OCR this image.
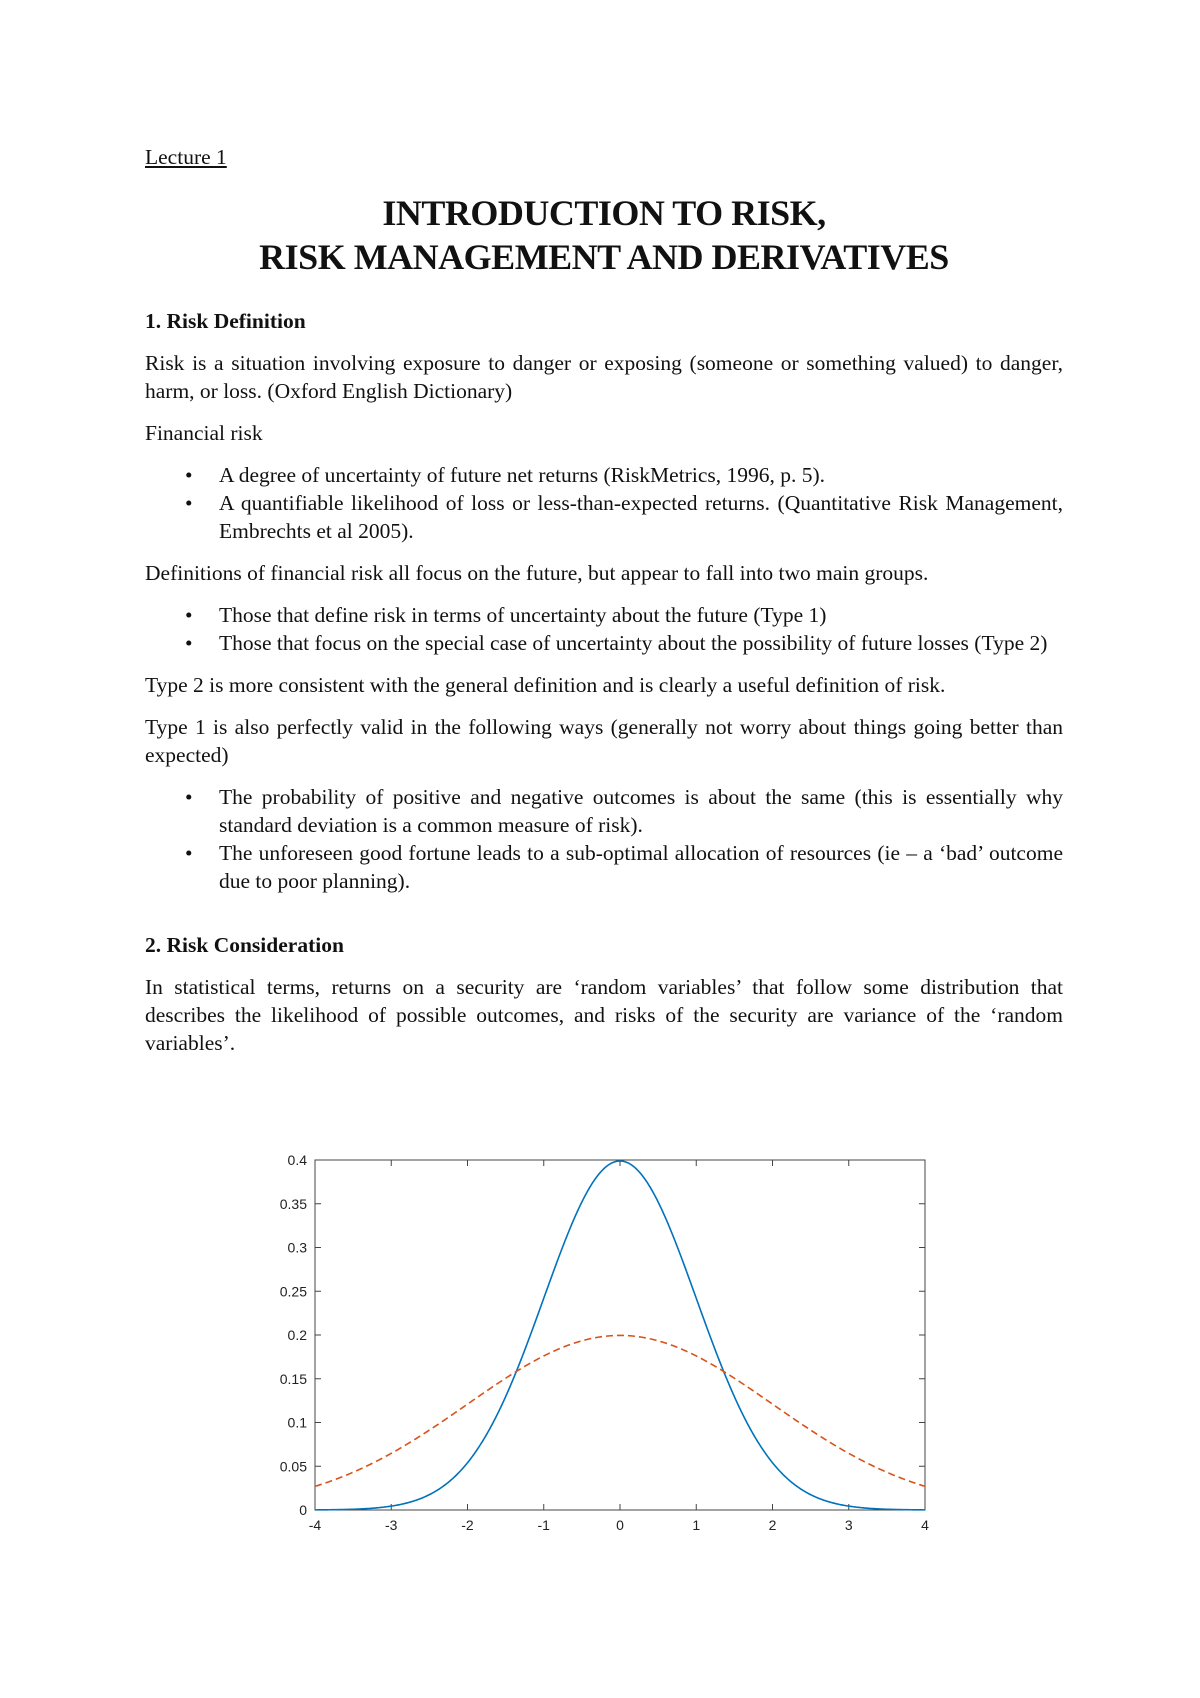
Lecture 1
INTRODUCTION TO RISK,
RISK MANAGEMENT AND DERIVATIVES
1. Risk Definition

Risk is a situation involving exposure to danger or exposing (someone or something valued) to danger, harm, or loss. (Oxford English Dictionary)

Financial risk

• A degree of uncertainty of future net returns (RiskMetrics, 1996, p. 5).
• A quantifiable likelihood of loss or less-than-expected returns. (Quantitative Risk Management, Embrechts et al 2005).

Definitions of financial risk all focus on the future, but appear to fall into two main groups.

• Those that define risk in terms of uncertainty about the future (Type 1)
• Those that focus on the special case of uncertainty about the possibility of future losses (Type 2)

Type 2 is more consistent with the general definition and is clearly a useful definition of risk.

Type 1 is also perfectly valid in the following ways (generally not worry about things going better than expected)

• The probability of positive and negative outcomes is about the same (this is essentially why standard deviation is a common measure of risk).
• The unforeseen good fortune leads to a sub-optimal allocation of resources (ie – a ‘bad’ outcome due to poor planning).
2. Risk Consideration

In statistical terms, returns on a security are ‘random variables’ that follow some distribution that describes the likelihood of possible outcomes, and risks of the security are variance of the ‘random variables’.

0
0.05
0.1
0.15
0.2
0.25
0.3
0.35
0.4
-4	-3	-2	-1	0	1	2	3	4
